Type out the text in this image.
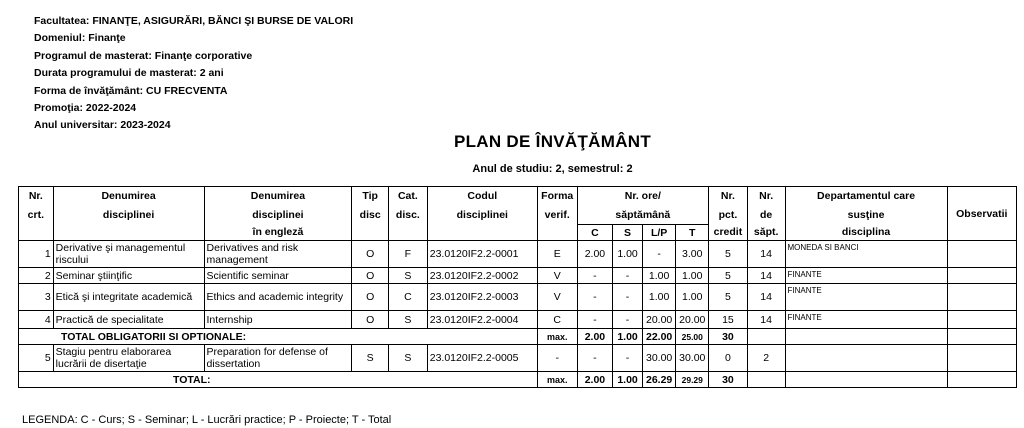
Facultatea: FINANŢE, ASIGURĂRI, BĂNCI ŞI BURSE DE VALORI
Domeniul: Finanţe
Programul de masterat: Finanţe corporative
Durata programului de masterat: 2 ani
Forma de învăţământ: CU FRECVENTA
Promoţia: 2022-2024
Anul universitar: 2023-2024
PLAN DE ÎNVĂŢĂMÂNT
Anul de studiu: 2, semestrul: 2
Nr.	Denumirea	Denumirea	Tip	Cat.	Codul	Forma	Nr. ore/				Nr.	Nr.	Departamentul care	Observatii
crt.	disciplinei	disciplinei	disc	disc.	disciplinei	verif.	săptămână				pct.	de	susţine	
		în engleză					C	S	L/P	T	credit	săpt.	disciplina	
1	Derivative şi managementul riscului	Derivatives and risk management	O	F	23.0120IF2.2-0001	E	2.00	1.00	-	3.00	5	14	MONEDA SI BANCI	
2	Seminar ştiinţific	Scientific seminar	O	S	23.0120IF2.2-0002	V	-	-	1.00	1.00	5	14	FINANTE	
3	Etică şi integritate academică	Ethics and academic integrity	O	C	23.0120IF2.2-0003	V	-	-	1.00	1.00	5	14	FINANTE	
4	Practică de specialitate	Internship	O	S	23.0120IF2.2-0004	C	-	-	20.00	20.00	15	14	FINANTE	
TOTAL OBLIGATORII SI OPTIONALE:						max.	2.00	1.00	22.00	25.00	30			
5	Stagiu pentru elaborarea lucrării de disertaţie	Preparation for defense of dissertation	S	S	23.0120IF2.2-0005	-	-	-	30.00	30.00	0	2		
TOTAL:						max.	2.00	1.00	26.29	29.29	30			
LEGENDA: C - Curs; S - Seminar; L - Lucrări practice; P - Proiecte; T - Total
